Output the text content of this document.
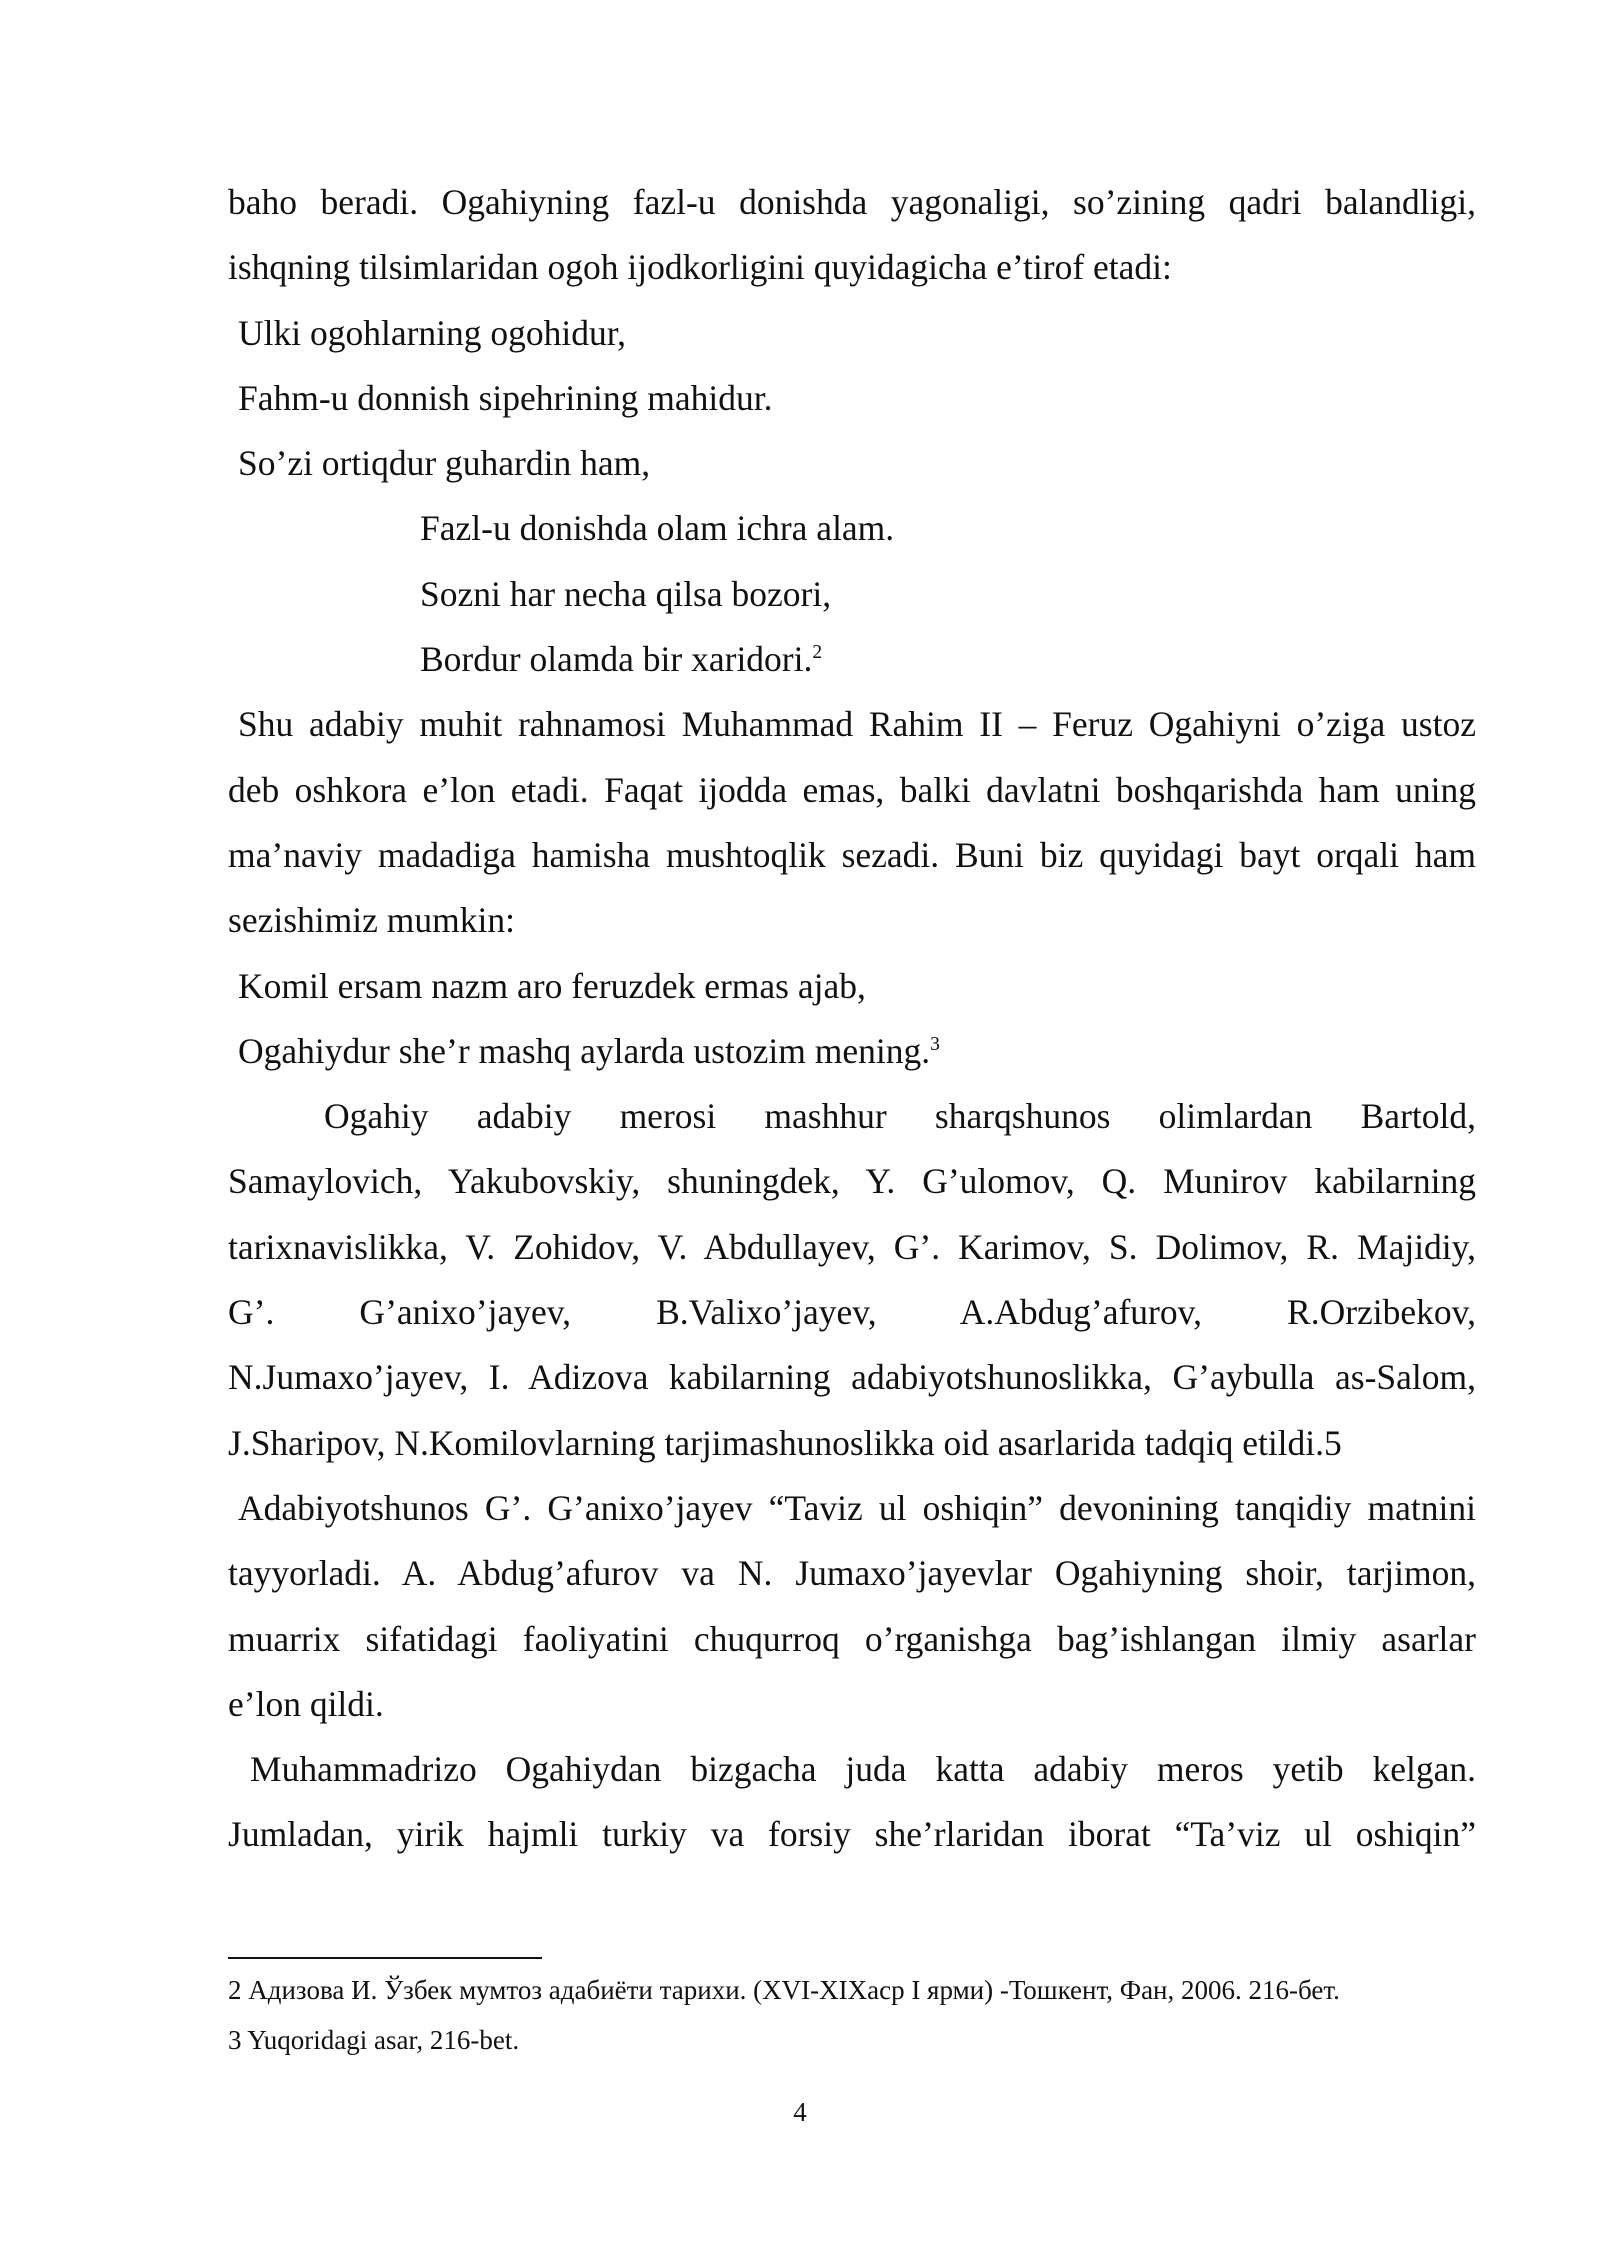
baho beradi. Ogahiyning fazl-u donishda yagonaligi, so’zining qadri balandligi,

ishqning tilsimlaridan ogoh ijodkorligini quyidagicha e’tirof etadi:

Ulki ogohlarning ogohidur,

Fahm-u donnish sipehrining mahidur.

So’zi ortiqdur guhardin ham,

Fazl-u donishda olam ichra alam.

Sozni har necha qilsa bozori,

Bordur olamda bir xaridori.$^2$

Shu adabiy muhit rahnamosi Muhammad Rahim II – Feruz Ogahiyni o’ziga ustoz

deb oshkora e’lon etadi. Faqat ijodda emas, balki davlatni boshqarishda ham uning

ma’naviy madadiga hamisha mushtoqlik sezadi. Buni biz quyidagi bayt orqali ham

sezishimiz mumkin:

Komil ersam nazm aro feruzdek ermas ajab,

Ogahiydur she’r mashq aylarda ustozim mening.$^3$

Ogahiy adabiy merosi mashhur sharqshunos olimlardan Bartold,

Samaylovich, Yakubovskiy, shuningdek, Y. G’ulomov, Q. Munirov kabilarning

tarixnavislikka, V. Zohidov, V. Abdullayev, G’. Karimov, S. Dolimov, R. Majidiy,

G’. G’anixo’jayev, B.Valixo’jayev, A.Abdug’afurov, R.Orzibekov,

N.Jumaxo’jayev, I. Adizova kabilarning adabiyotshunoslikka, G’aybulla as-Salom,

J.Sharipov, N.Komilovlarning tarjimashunoslikka oid asarlarida tadqiq etildi.5

Adabiyotshunos G’. G’anixo’jayev “Taviz ul oshiqin” devonining tanqidiy matnini

tayyorladi. A. Abdug’afurov va N. Jumaxo’jayevlar Ogahiyning shoir, tarjimon,

muarrix sifatidagi faoliyatini chuqurroq o’rganishga bag’ishlangan ilmiy asarlar

e’lon qildi.

Muhammadrizo Ogahiydan bizgacha juda katta adabiy meros yetib kelgan.

Jumladan, yirik hajmli turkiy va forsiy she’rlaridan iborat “Ta’viz ul oshiqin”

2 Адизова И. Ўзбек мумтоз адабиёти тарихи. (XVI-XIXаср I ярми) -Тошкент, Фан, 2006. 216-бет.

3 Yuqoridagi asar, 216-bet.

4
